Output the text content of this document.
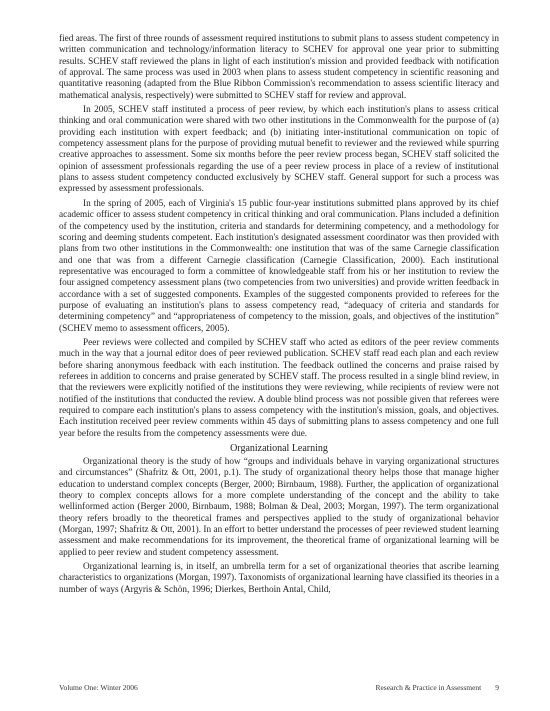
fied areas. The first of three rounds of assessment required institutions to submit plans to assess student competency in written communication and technology/information literacy to SCHEV for approval one year prior to submitting results. SCHEV staff reviewed the plans in light of each institution's mission and provided feedback with notification of approval. The same process was used in 2003 when plans to assess student competency in scientific reasoning and quantitative reasoning (adapted from the Blue Ribbon Commission's recommendation to assess scientific literacy and mathematical analysis, respectively) were submitted to SCHEV staff for review and approval.

In 2005, SCHEV staff instituted a process of peer review, by which each institution's plans to assess critical thinking and oral communication were shared with two other institutions in the Commonwealth for the purpose of (a) providing each institution with expert feedback; and (b) initiating inter-institutional communication on topic of competency assessment plans for the purpose of providing mutual benefit to reviewer and the reviewed while spurring creative approaches to assessment. Some six months before the peer review process began, SCHEV staff solicited the opinion of assessment professionals regarding the use of a peer review process in place of a review of institutional plans to assess student competency conducted exclusively by SCHEV staff. General support for such a process was expressed by assessment professionals.

In the spring of 2005, each of Virginia's 15 public four-year institutions submitted plans approved by its chief academic officer to assess student competency in critical thinking and oral communication. Plans included a definition of the competency used by the institution, criteria and standards for determining competency, and a methodology for scoring and deeming students competent. Each institution's designated assessment coordinator was then provided with plans from two other institutions in the Commonwealth: one institution that was of the same Carnegie classification and one that was from a different Carnegie classification (Carnegie Classification, 2000). Each institutional representative was encouraged to form a committee of knowledgeable staff from his or her institution to review the four assigned competency assessment plans (two competencies from two universities) and provide written feedback in accordance with a set of suggested components. Examples of the suggested components provided to referees for the purpose of evaluating an institution's plans to assess competency read, “adequacy of criteria and standards for determining competency” and “appropriateness of competency to the mission, goals, and objectives of the institution” (SCHEV memo to assessment officers, 2005).

Peer reviews were collected and compiled by SCHEV staff who acted as editors of the peer review comments much in the way that a journal editor does of peer reviewed publication. SCHEV staff read each plan and each review before sharing anonymous feedback with each institution. The feedback outlined the concerns and praise raised by referees in addition to concerns and praise generated by SCHEV staff. The process resulted in a single blind review, in that the reviewers were explicitly notified of the institutions they were reviewing, while recipients of review were not notified of the institutions that conducted the review. A double blind process was not possible given that referees were required to compare each institution's plans to assess competency with the institution's mission, goals, and objectives. Each institution received peer review comments within 45 days of submitting plans to assess competency and one full year before the results from the competency assessments were due.

Organizational Learning

Organizational theory is the study of how “groups and individuals behave in varying organizational structures and circumstances” (Shafritz & Ott, 2001, p.1). The study of organizational theory helps those that manage higher education to understand complex concepts (Berger, 2000; Birnbaum, 1988). Further, the application of organizational theory to complex concepts allows for a more complete understanding of the concept and the ability to take wellinformed action (Berger 2000, Birnbaum, 1988; Bolman & Deal, 2003; Morgan, 1997). The term organizational theory refers broadly to the theoretical frames and perspectives applied to the study of organizational behavior (Morgan, 1997; Shafritz & Ott, 2001). In an effort to better understand the processes of peer reviewed student learning assessment and make recommendations for its improvement, the theoretical frame of organizational learning will be applied to peer review and student competency assessment.

Organizational learning is, in itself, an umbrella term for a set of organizational theories that ascribe learning characteristics to organizations (Morgan, 1997). Taxonomists of organizational learning have classified its theories in a number of ways (Argyris & Schön, 1996; Dierkes, Berthoin Antal, Child,

Volume One: Winter 2006	Research & Practice in Assessment 9
